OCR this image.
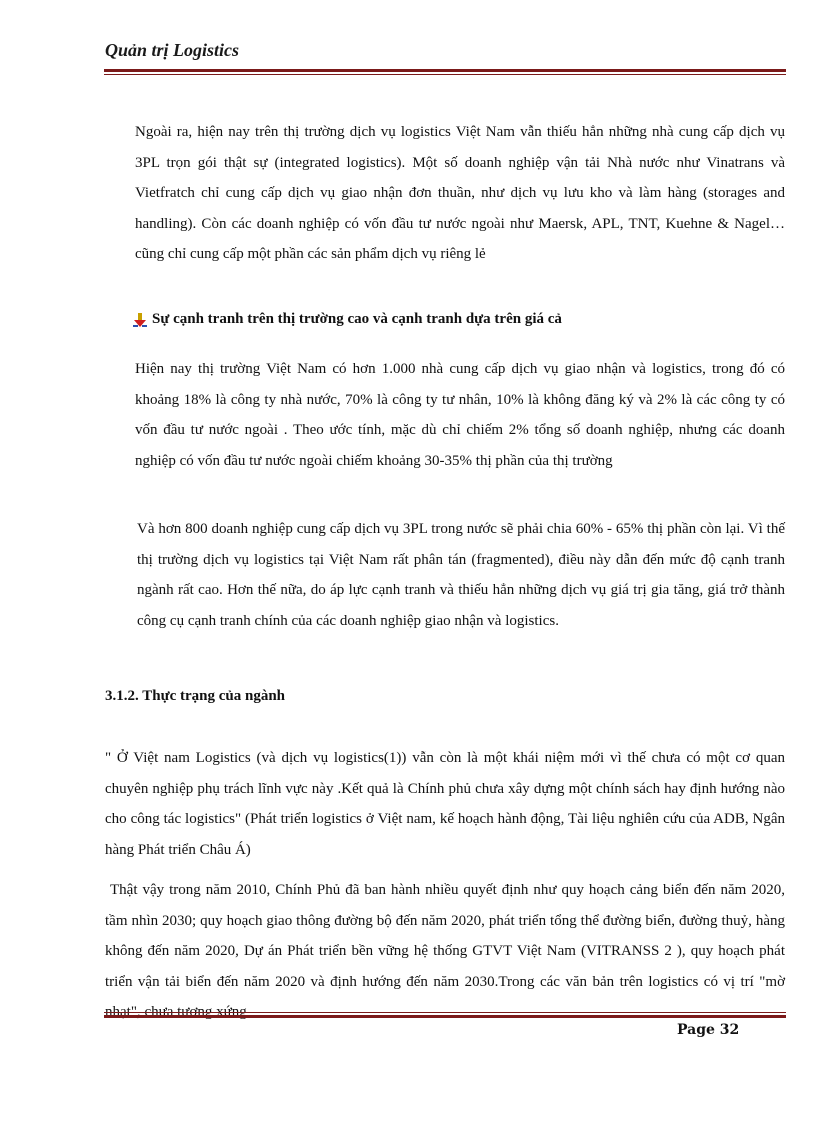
Quản trị Logistics
Ngoài ra, hiện nay trên thị trường dịch vụ logistics Việt Nam vẫn thiếu hẳn những nhà cung cấp dịch vụ 3PL trọn gói thật sự (integrated logistics). Một số doanh nghiệp vận tải Nhà nước như Vinatrans và Vietfratch chỉ cung cấp dịch vụ giao nhận đơn thuần, như dịch vụ lưu kho và làm hàng (storages and handling). Còn các doanh nghiệp có vốn đầu tư nước ngoài như Maersk, APL, TNT, Kuehne & Nagel… cũng chỉ cung cấp một phần các sản phẩm dịch vụ riêng lẻ
Sự cạnh tranh trên thị trường cao và cạnh tranh dựa trên giá cả
Hiện nay thị trường Việt Nam có hơn 1.000 nhà cung cấp dịch vụ giao nhận và logistics, trong đó có khoảng 18% là công ty nhà nước, 70% là công ty tư nhân, 10% là không đăng ký và 2% là các công ty có vốn đầu tư nước ngoài . Theo ước tính, mặc dù chỉ chiếm 2% tổng số doanh nghiệp, nhưng các doanh nghiệp có vốn đầu tư nước ngoài chiếm khoảng 30-35% thị phần của thị trường
Và hơn 800 doanh nghiệp cung cấp dịch vụ 3PL trong nước sẽ phải chia 60% - 65% thị phần còn lại. Vì thế thị trường dịch vụ logistics tại Việt Nam rất phân tán (fragmented), điều này dẫn đến mức độ cạnh tranh ngành rất cao. Hơn thế nữa, do áp lực cạnh tranh và thiếu hẳn những dịch vụ giá trị gia tăng, giá trở thành công cụ cạnh tranh chính của các doanh nghiệp giao nhận và logistics.
3.1.2. Thực trạng của ngành
" Ở Việt nam Logistics (và dịch vụ logistics(1)) vẫn còn là một khái niệm mới vì thế chưa có một cơ quan chuyên nghiệp phụ trách lĩnh vực này .Kết quả là Chính phủ chưa xây dựng một chính sách hay định hướng nào cho công tác logistics" (Phát triển logistics ở Việt nam, kế hoạch hành động, Tài liệu nghiên cứu của ADB, Ngân hàng Phát triển Châu Á)
Thật vậy trong năm 2010, Chính Phủ đã ban hành nhiều quyết định như quy hoạch cảng biển đến năm 2020, tầm nhìn 2030; quy hoạch giao thông đường bộ đến năm 2020, phát triển tổng thể đường biển, đường thuỷ, hàng không đến năm 2020, Dự án Phát triển bền vững hệ thống GTVT Việt Nam (VITRANSS 2 ), quy hoạch phát triển vận tải biển đến năm 2020 và định hướng đến năm 2030.Trong các văn bản trên logistics có vị trí "mờ
Page 32
